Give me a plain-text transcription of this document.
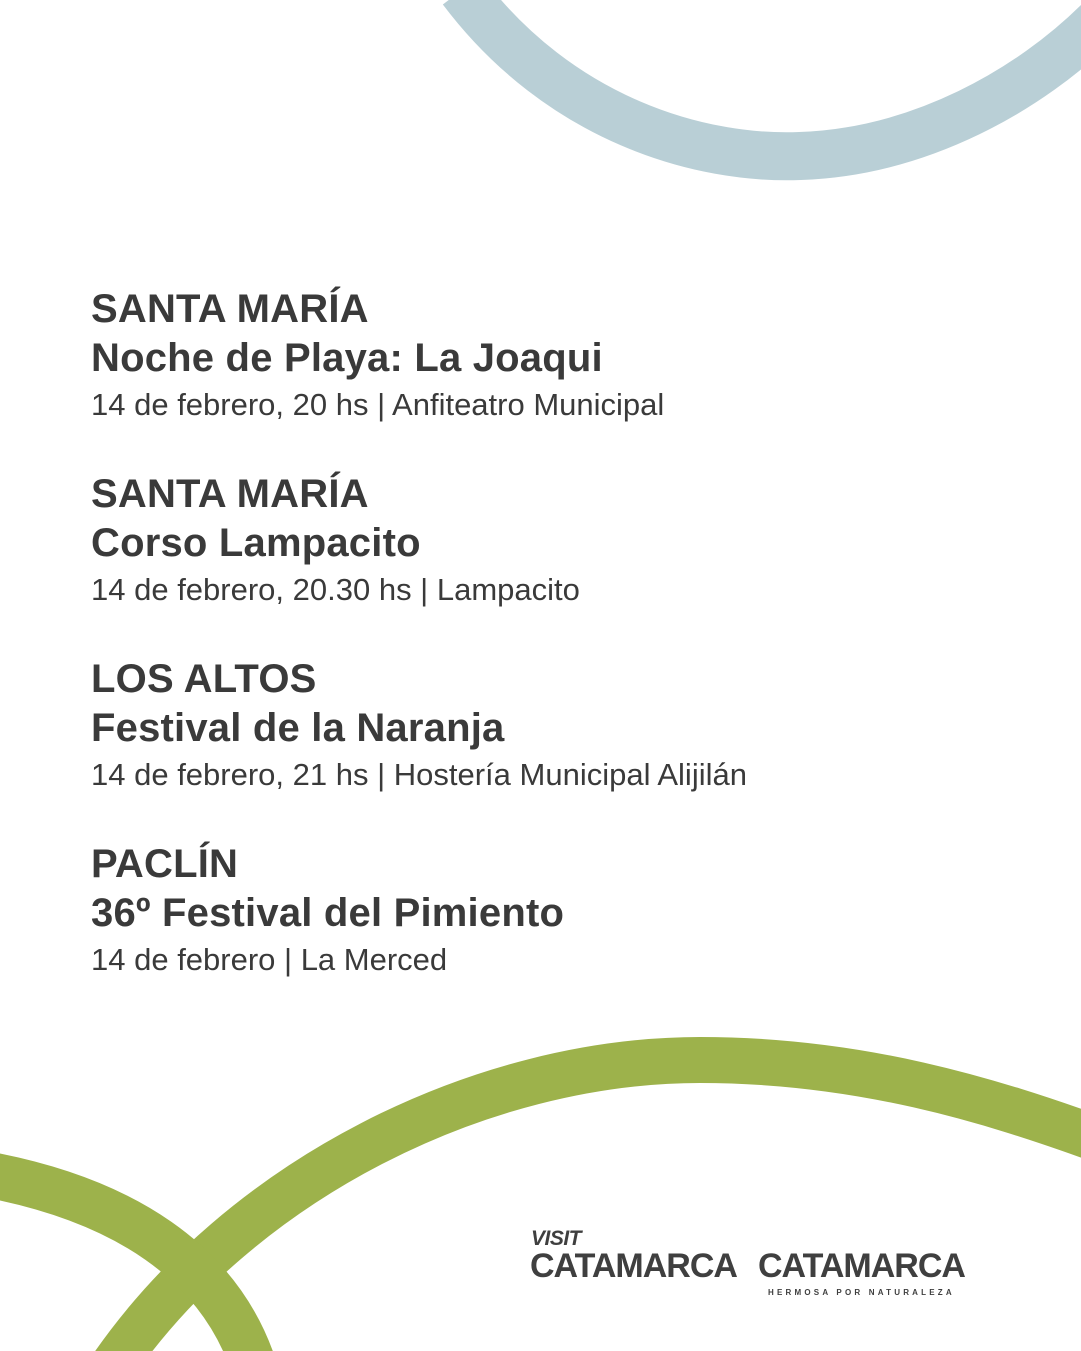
SANTA MARÍA
Noche de Playa: La Joaqui
14 de febrero, 20 hs | Anfiteatro Municipal
SANTA MARÍA
Corso Lampacito
14 de febrero, 20.30 hs | Lampacito
LOS ALTOS
Festival de la Naranja
14 de febrero, 21 hs | Hostería Municipal Alijilán
PACLÍN
36º Festival del Pimiento
14 de febrero | La Merced
VISIT
CATAMARCA CATAMARCA
HERMOSA POR NATURALEZA
